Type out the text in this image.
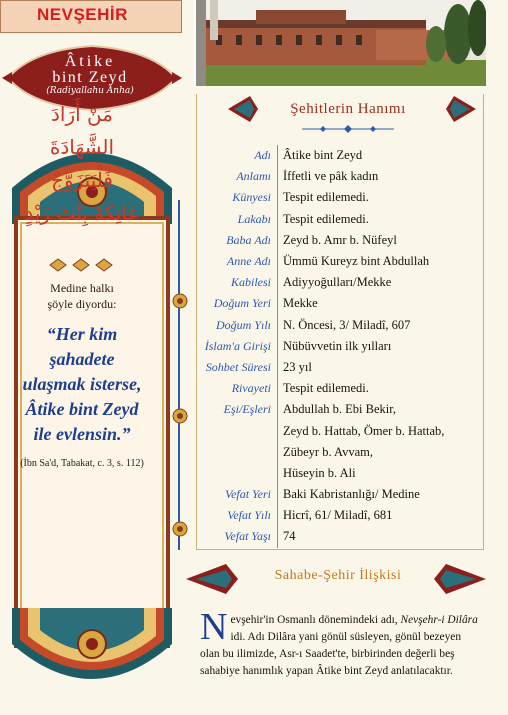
NEVŞEHİR
Âtike
bint Zeyd
(Radiyallahu Anha)
مَنْ أَرَادَ
الشَّهَادَةَ
فَلْيَتَزَوَّجْ
عَاتِكَةَ بِنْتَ زَيْدٍ
Medine halkı
şöyle diyordu:
“Her kim
şahadete
ulaşmak isterse,
Âtike bint Zeyd
ile evlensin.”
(İbn Sa'd, Tabakat, c. 3, s. 112)
Şehitlerin Hanımı
Adı Âtike bint Zeyd
Anlamı İffetli ve pâk kadın
Künyesi Tespit edilemedi.
Lakabı Tespit edilemedi.
Baba Adı Zeyd b. Amr b. Nüfeyl
Anne Adı Ümmü Kureyz bint Abdullah
Kabilesi Adiyyoğulları/Mekke
Doğum Yeri Mekke
Doğum Yılı N. Öncesi, 3/ Miladî, 607
İslam'a Girişi Nübüvvetin ilk yılları
Sohbet Süresi 23 yıl
Rivayeti Tespit edilemedi.
Eşi/Eşleri Abdullah b. Ebi Bekir,
Zeyd b. Hattab, Ömer b. Hattab,
Zübeyr b. Avvam,
Hüseyin b. Ali
Vefat Yeri Baki Kabristanlığı/ Medine
Vefat Yılı Hicrî, 61/ Miladî, 681
Vefat Yaşı 74
Sahabe-Şehir İlişkisi
N evşehir'in Osmanlı dönemindeki adı, Nevşehr-i Dilâra idi. Adı Dilâra yani gönül süsleyen, gönül bezeyen olan bu ilimizde, Asr-ı Saadet'te, birbirinden değerli beş sahabiye hanımlık yapan Âtike bint Zeyd anlatılacaktır.
